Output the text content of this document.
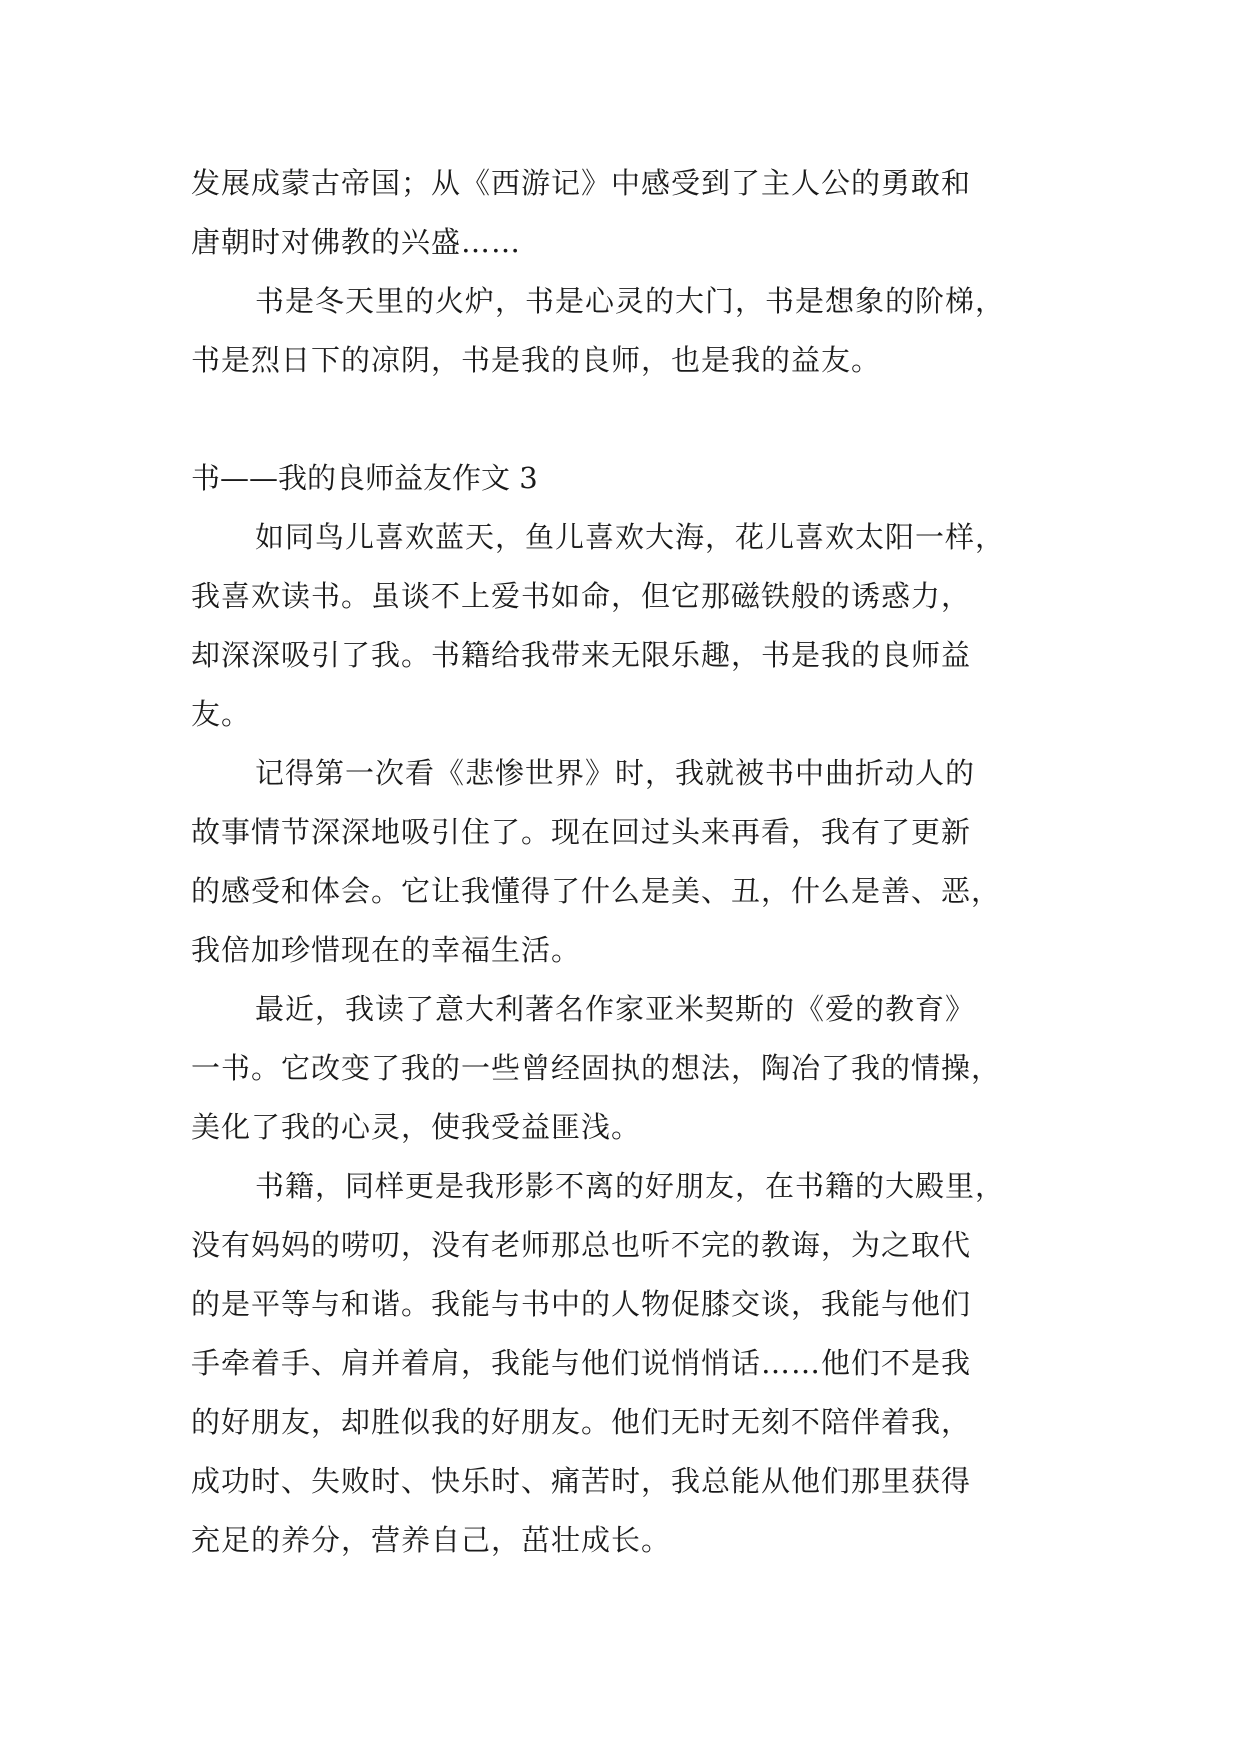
发展成蒙古帝国；从《西游记》中感受到了主人公的勇敢和
唐朝时对佛教的兴盛……
书是冬天里的火炉，书是心灵的大门，书是想象的阶梯，
书是烈日下的凉阴，书是我的良师，也是我的益友。
书——我的良师益友作文 3
如同鸟儿喜欢蓝天，鱼儿喜欢大海，花儿喜欢太阳一样，
我喜欢读书。虽谈不上爱书如命，但它那磁铁般的诱惑力，
却深深吸引了我。书籍给我带来无限乐趣，书是我的良师益
友。
记得第一次看《悲惨世界》时，我就被书中曲折动人的
故事情节深深地吸引住了。现在回过头来再看，我有了更新
的感受和体会。它让我懂得了什么是美、丑，什么是善、恶，
我倍加珍惜现在的幸福生活。
最近，我读了意大利著名作家亚米契斯的《爱的教育》
一书。它改变了我的一些曾经固执的想法，陶冶了我的情操，
美化了我的心灵，使我受益匪浅。
书籍，同样更是我形影不离的好朋友，在书籍的大殿里，
没有妈妈的唠叨，没有老师那总也听不完的教诲，为之取代
的是平等与和谐。我能与书中的人物促膝交谈，我能与他们
手牵着手、肩并着肩，我能与他们说悄悄话……他们不是我
的好朋友，却胜似我的好朋友。他们无时无刻不陪伴着我，
成功时、失败时、快乐时、痛苦时，我总能从他们那里获得
充足的养分，营养自己，茁壮成长。
